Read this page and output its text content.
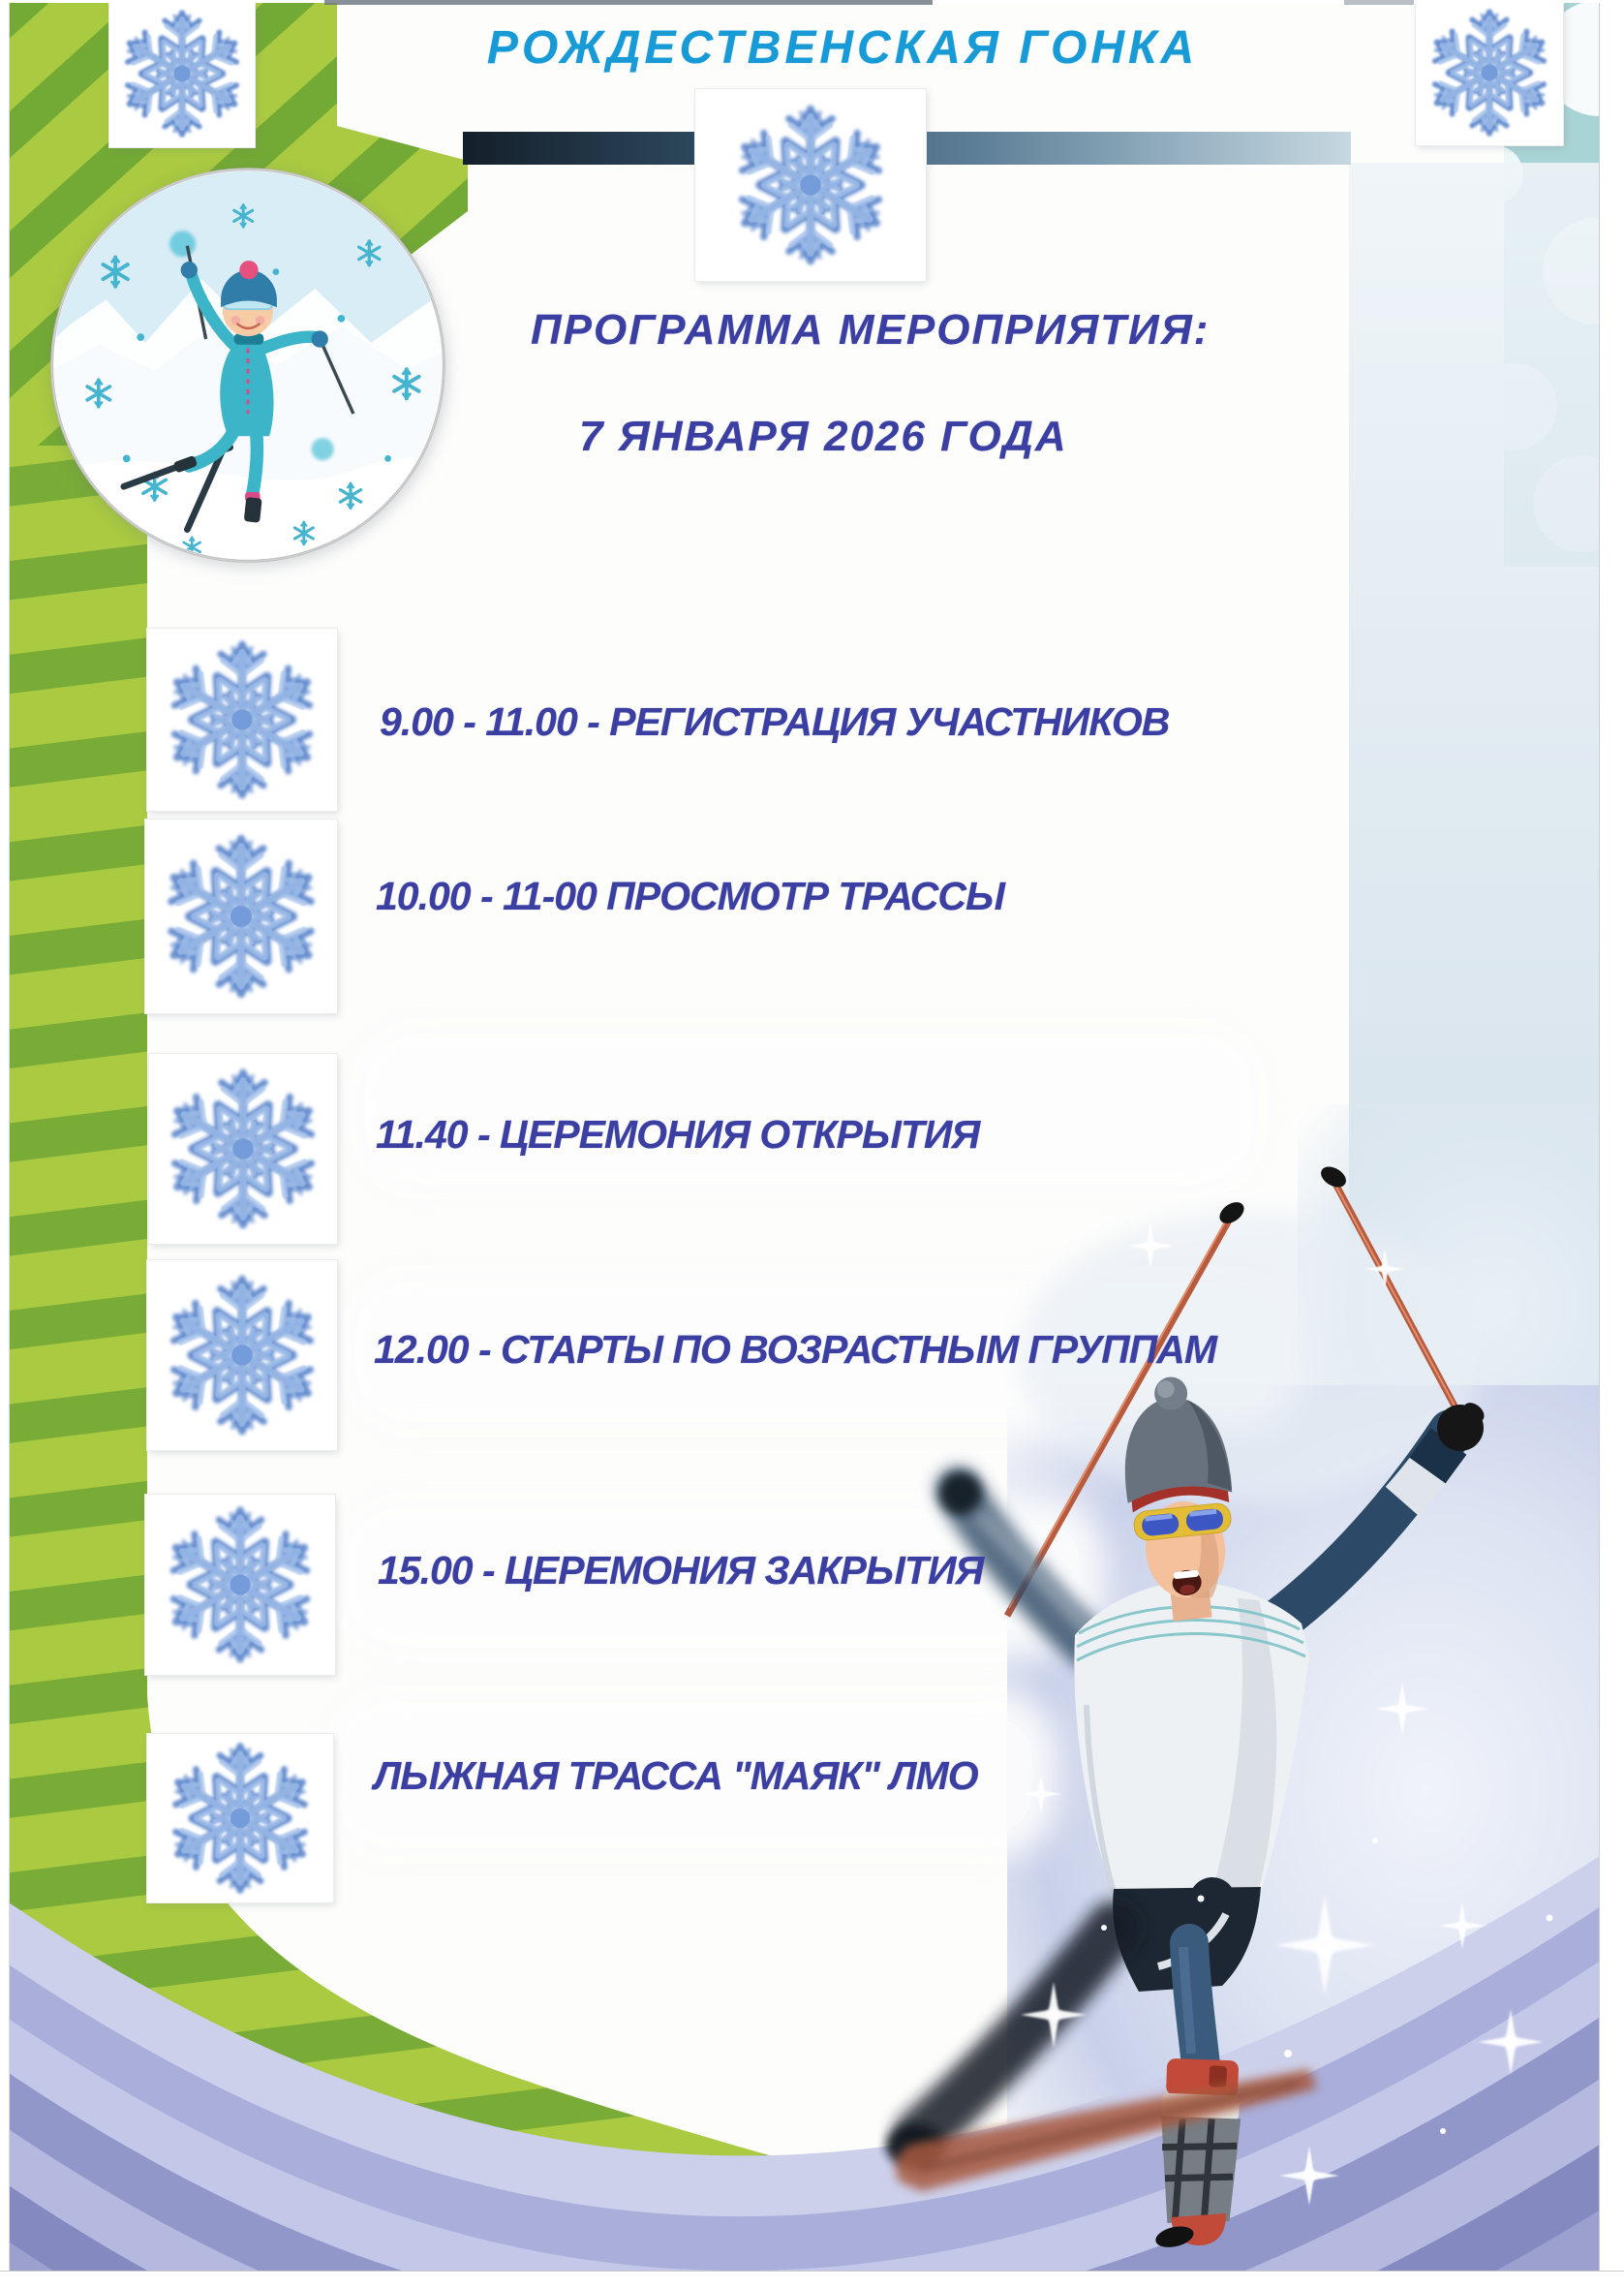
РОЖДЕСТВЕНСКАЯ ГОНКА
ПРОГРАММА МЕРОПРИЯТИЯ:
7 ЯНВАРЯ 2026 ГОДА
9.00 - 11.00 - РЕГИСТРАЦИЯ УЧАСТНИКОВ
10.00 - 11-00 ПРОСМОТР ТРАССЫ
11.40 - ЦЕРЕМОНИЯ ОТКРЫТИЯ
12.00 - СТАРТЫ ПО ВОЗРАСТНЫМ ГРУППАМ
15.00 - ЦЕРЕМОНИЯ ЗАКРЫТИЯ
ЛЫЖНАЯ ТРАССА "МАЯК" ЛМО
